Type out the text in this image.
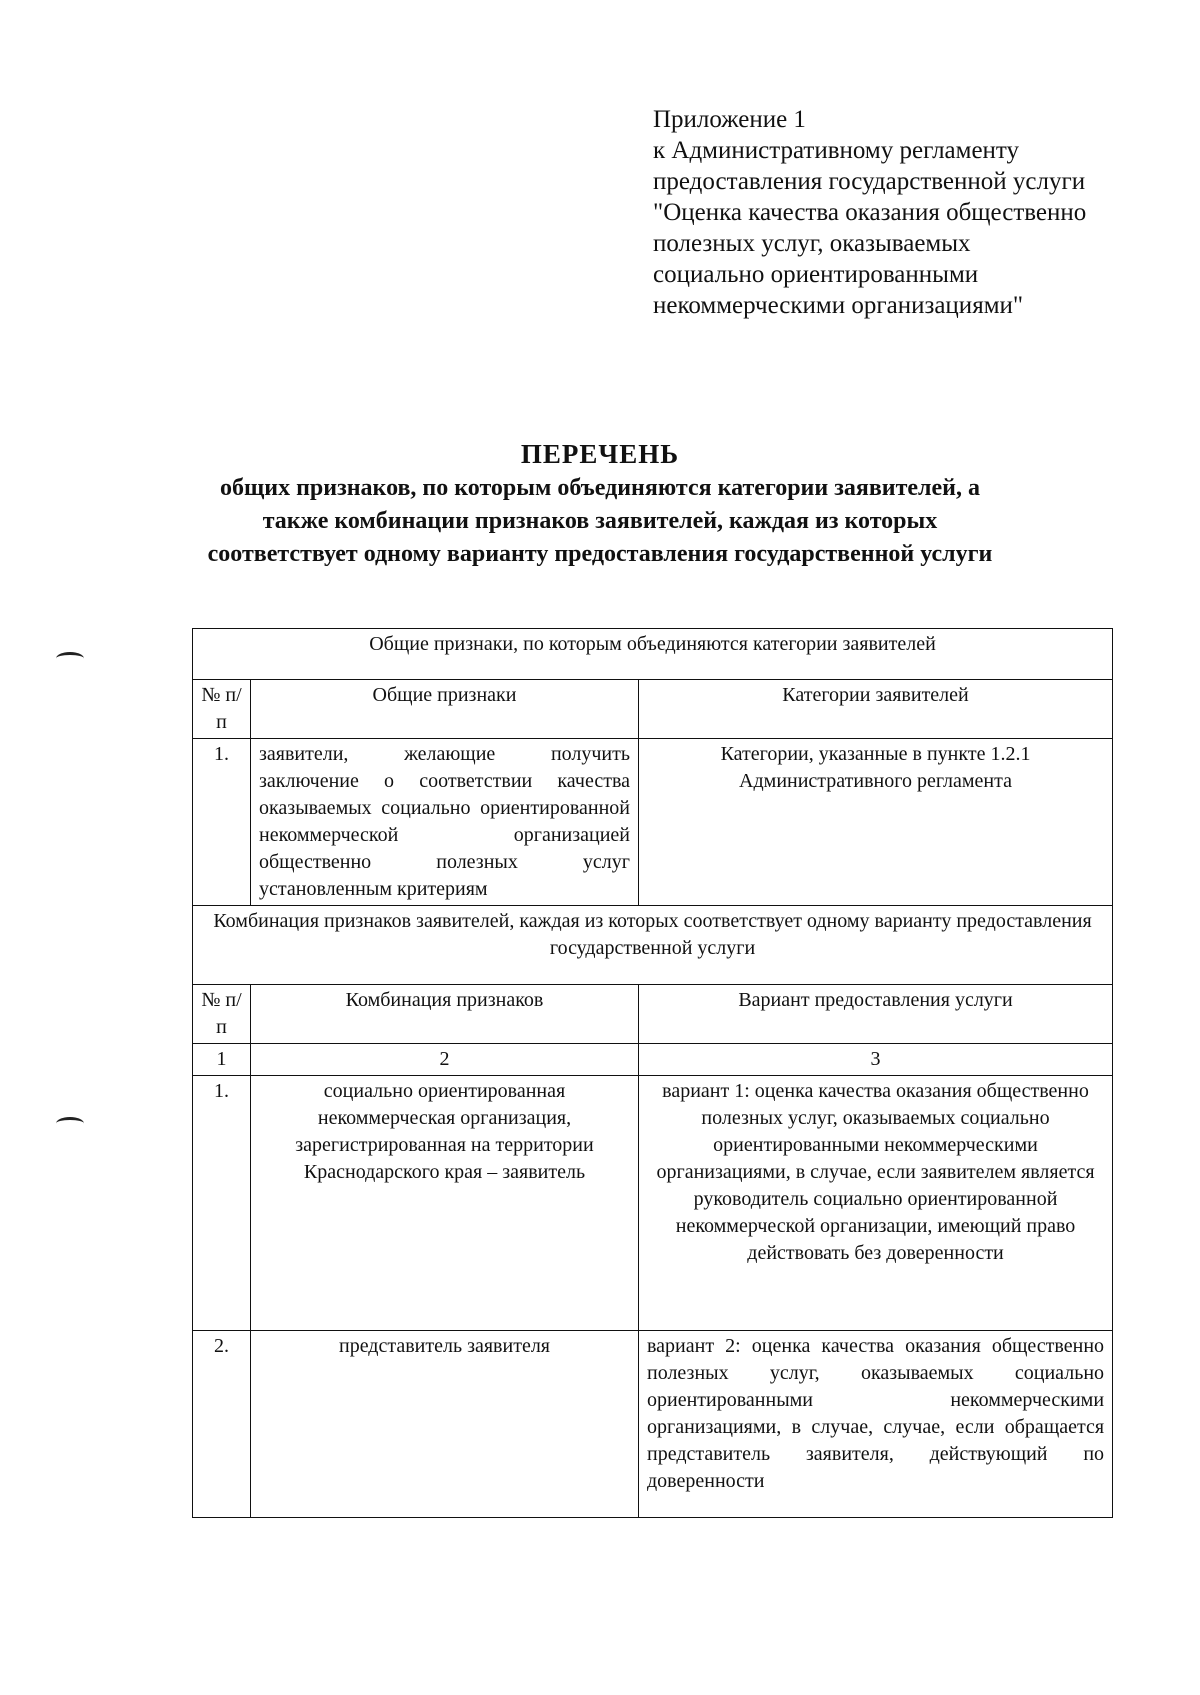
Приложение 1
к Административному регламенту
предоставления государственной услуги
"Оценка качества оказания общественно
полезных услуг, оказываемых
социально ориентированными
некоммерческими организациями"
ПЕРЕЧЕНЬ
общих признаков, по которым объединяются категории заявителей, а
также комбинации признаков заявителей, каждая из которых
соответствует одному варианту предоставления государственной услуги
Общие признаки, по которым объединяются категории заявителей		
№ п/п	Общие признаки	Категории заявителей
1.	заявители, желающие получить заключение о соответствии качества оказываемых социально ориентированной некоммерческой организацией общественно полезных услуг установленным критериям	Категории, указанные в пункте 1.2.1 Административного регламента
Комбинация признаков заявителей, каждая из которых соответствует одному варианту предоставления государственной услуги		
№ п/п	Комбинация признаков	Вариант предоставления услуги
1	2	3
1.	социально ориентированная некоммерческая организация, зарегистрированная на территории Краснодарского края – заявитель	вариант 1: оценка качества оказания общественно полезных услуг, оказываемых социально ориентированными некоммерческими организациями, в случае, если заявителем является руководитель социально ориентированной некоммерческой организации, имеющий право действовать без доверенности
2.	представитель заявителя	вариант 2: оценка качества оказания общественно полезных услуг, оказываемых социально ориентированными некоммерческими организациями, в случае, случае, если обращается представитель заявителя, действующий по доверенности
